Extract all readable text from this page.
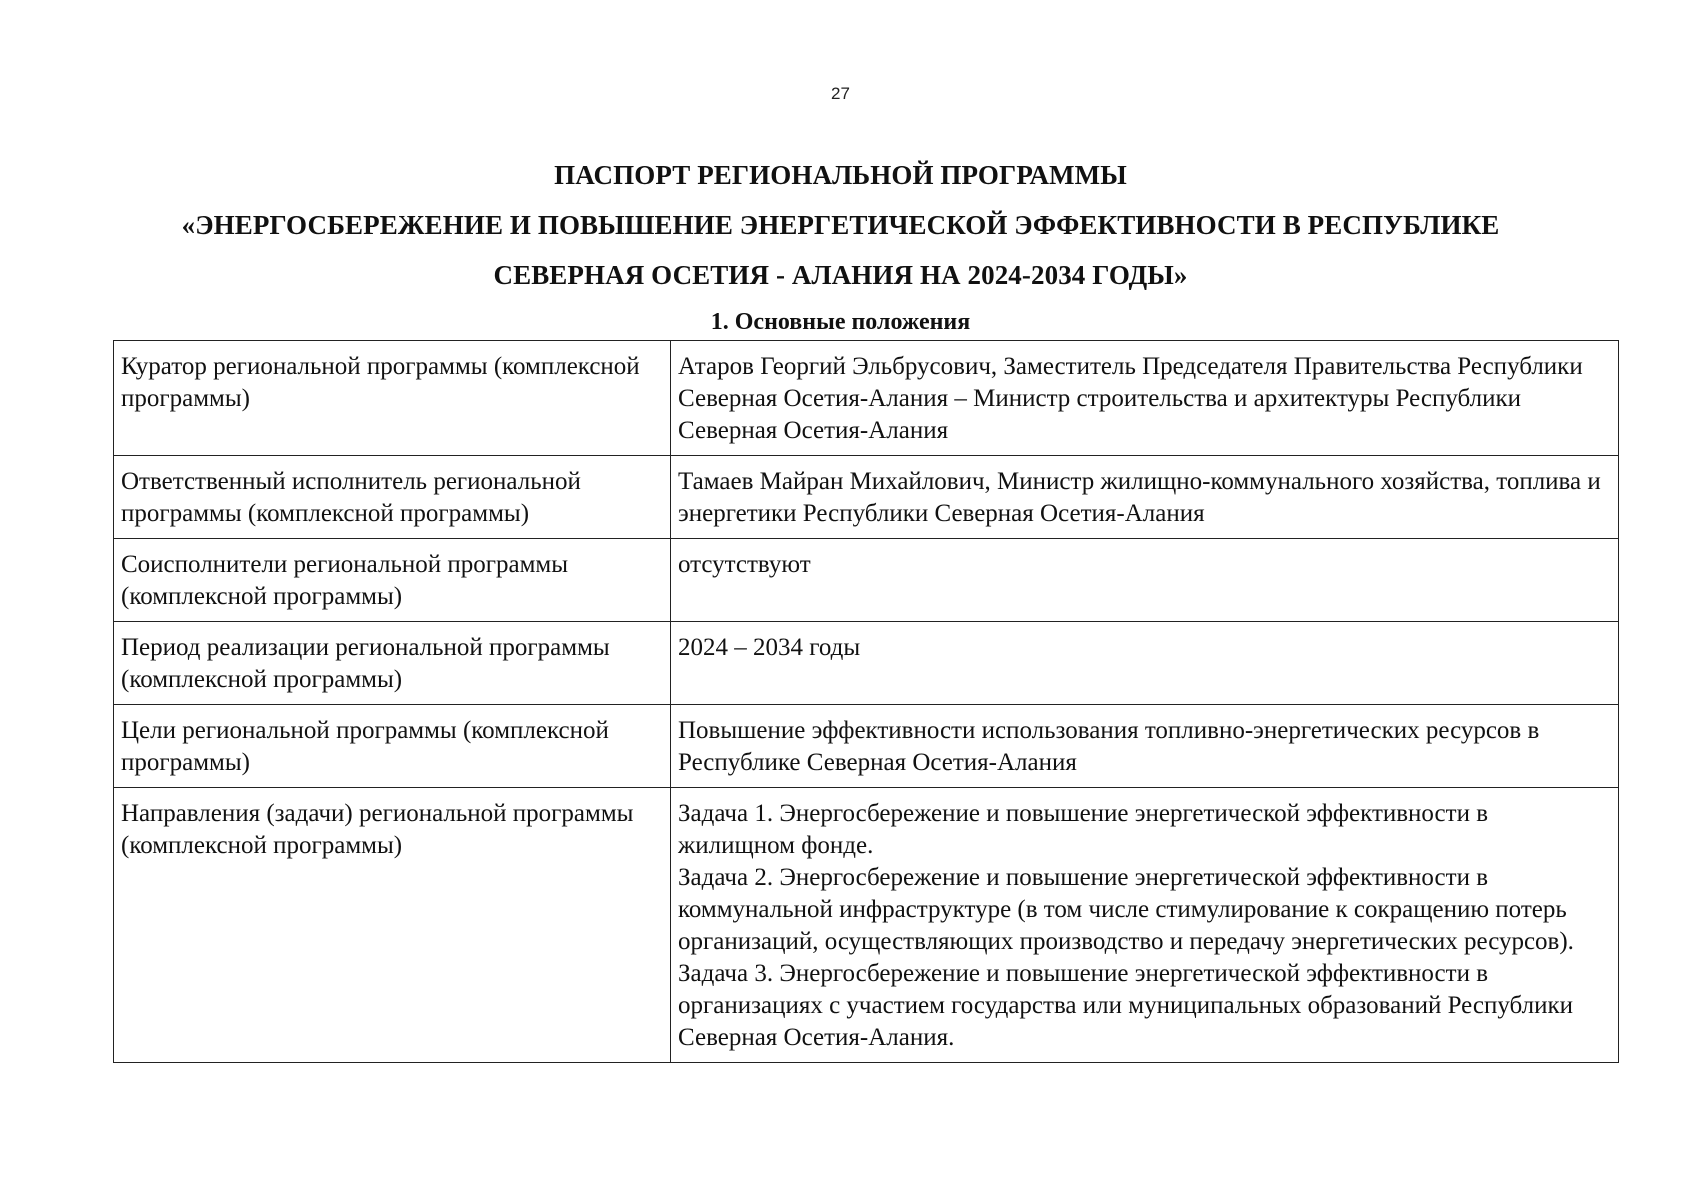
27
ПАСПОРТ РЕГИОНАЛЬНОЙ ПРОГРАММЫ
«ЭНЕРГОСБЕРЕЖЕНИЕ И ПОВЫШЕНИЕ ЭНЕРГЕТИЧЕСКОЙ ЭФФЕКТИВНОСТИ В РЕСПУБЛИКЕ
СЕВЕРНАЯ ОСЕТИЯ - АЛАНИЯ НА 2024-2034 ГОДЫ»
1. Основные положения
Куратор региональной программы (комплексной программы)	Атаров Георгий Эльбрусович, Заместитель Председателя Правительства Республики Северная Осетия-Алания – Министр строительства и архитектуры Республики Северная Осетия-Алания

Ответственный исполнитель региональной программы (комплексной программы)	Тамаев Майран Михайлович, Министр жилищно-коммунального хозяйства, топлива и энергетики Республики Северная Осетия-Алания

Соисполнители региональной программы (комплексной программы)	отсутствуют

Период реализации региональной программы (комплексной программы)	2024 – 2034 годы

Цели региональной программы (комплексной программы)	Повышение эффективности использования топливно-энергетических ресурсов в Республике Северная Осетия-Алания

Направления (задачи) региональной программы (комплексной программы)	Задача 1. Энергосбережение и повышение энергетической эффективности в жилищном фонде.
Задача 2. Энергосбережение и повышение энергетической эффективности в коммунальной инфраструктуре (в том числе стимулирование к сокращению потерь организаций, осуществляющих производство и передачу энергетических ресурсов).
Задача 3. Энергосбережение и повышение энергетической эффективности в организациях с участием государства или муниципальных образований Республики Северная Осетия-Алания.
